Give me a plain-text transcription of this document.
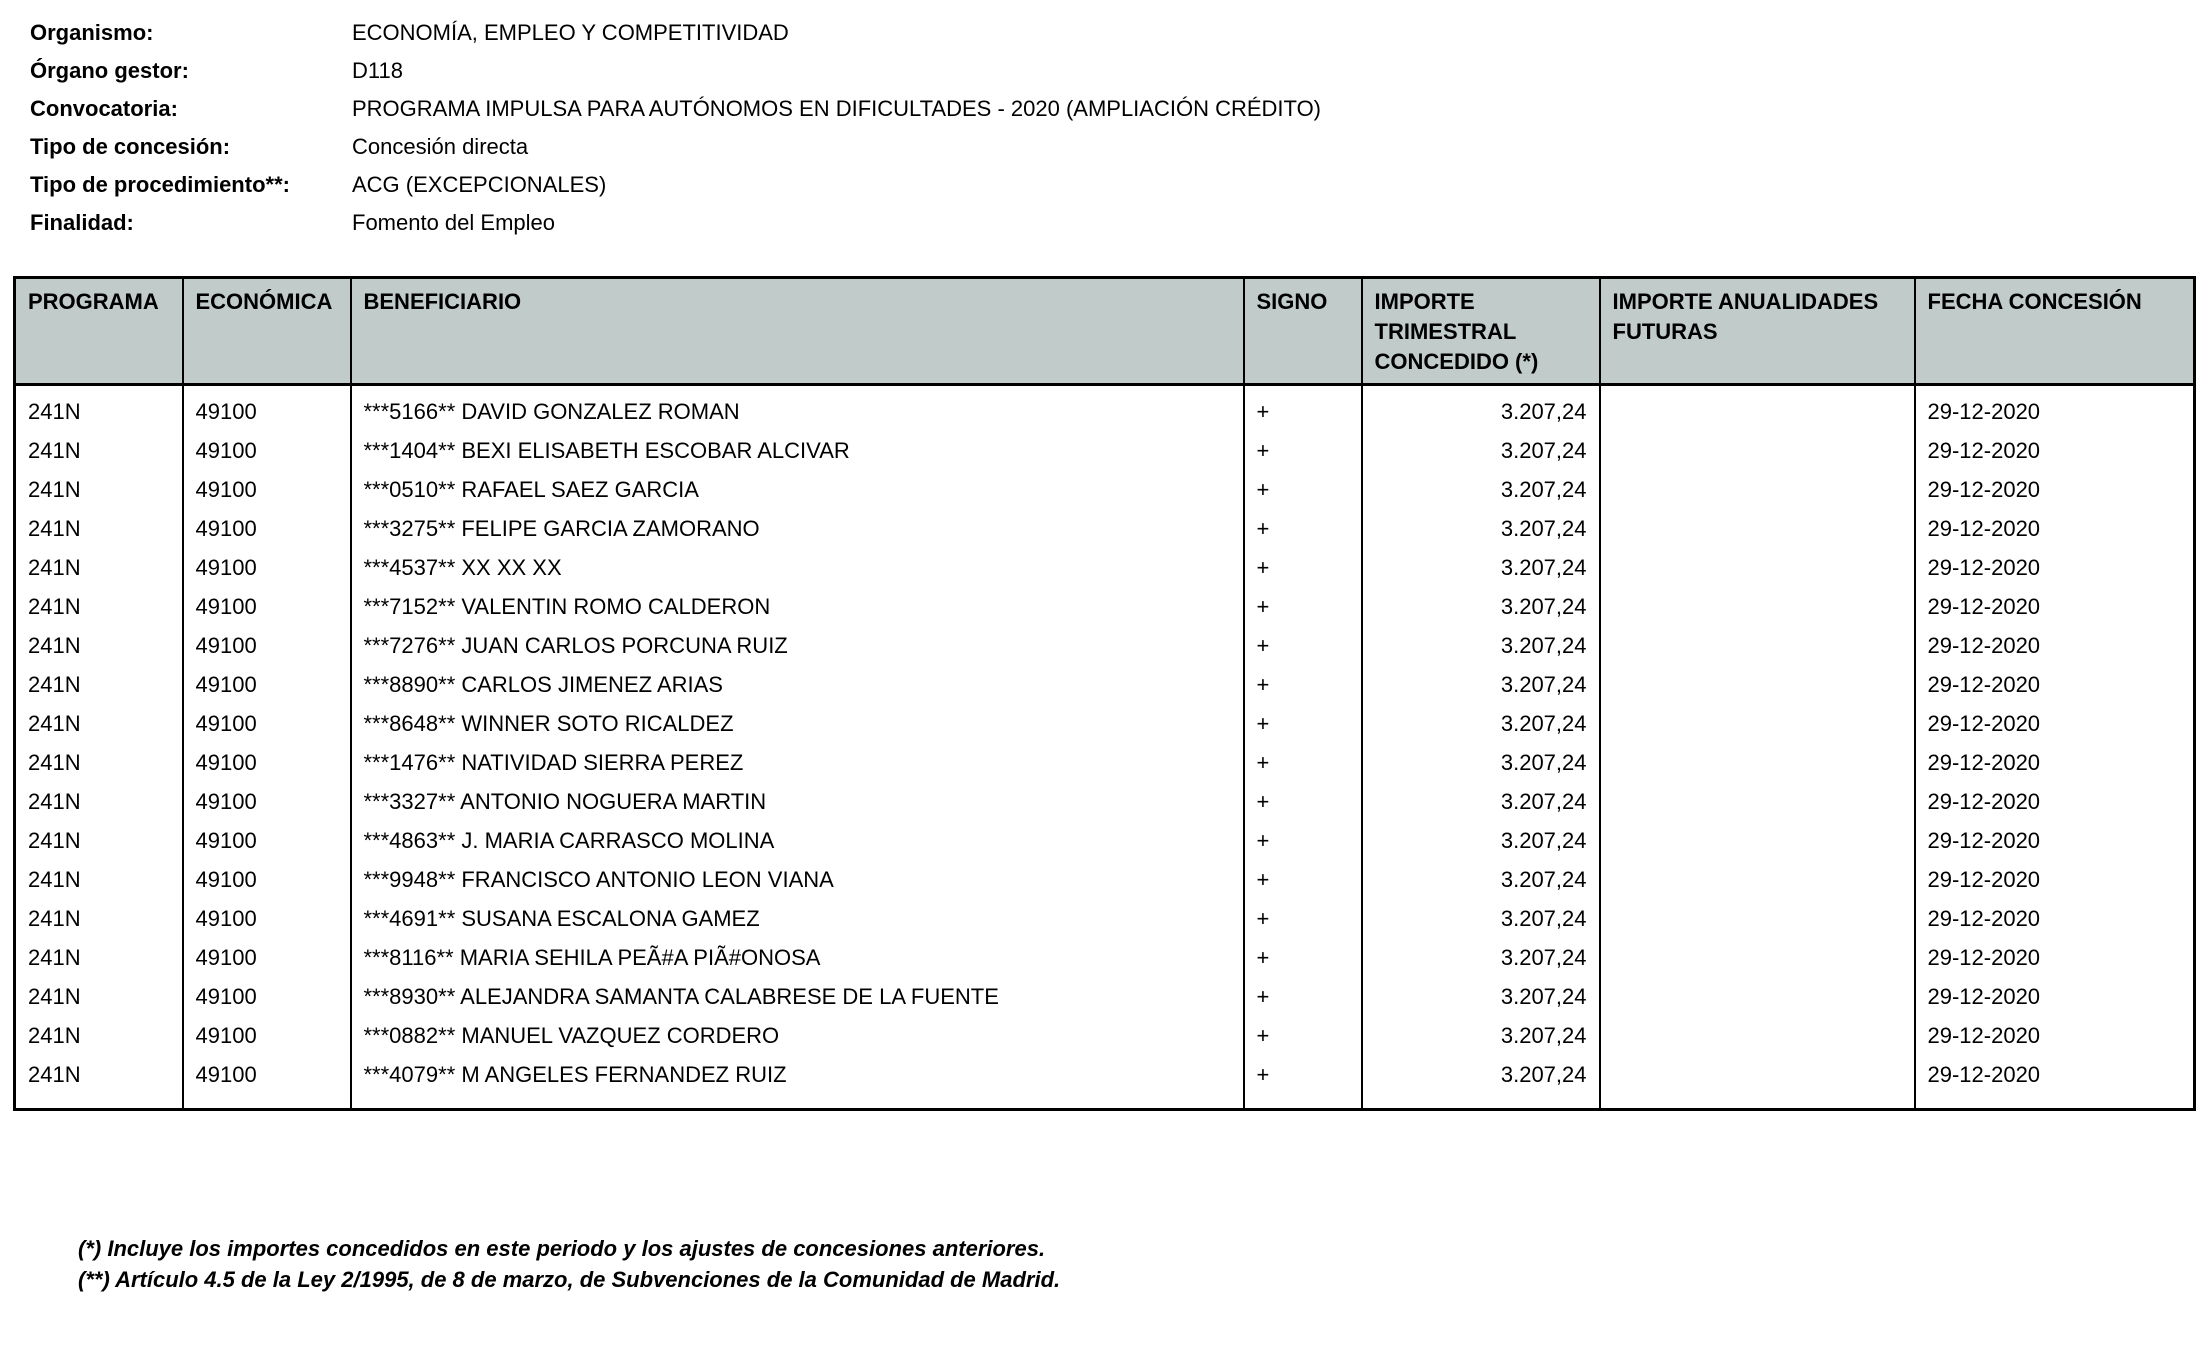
Organismo:	ECONOMÍA, EMPLEO Y COMPETITIVIDAD
Órgano gestor:	D118
Convocatoria:	PROGRAMA IMPULSA PARA AUTÓNOMOS EN DIFICULTADES - 2020 (AMPLIACIÓN CRÉDITO)
Tipo de concesión:	Concesión directa
Tipo de procedimiento**:	ACG (EXCEPCIONALES)
Finalidad:	Fomento del Empleo
PROGRAMA	ECONÓMICA	BENEFICIARIO	SIGNO	IMPORTE TRIMESTRAL CONCEDIDO (*)	IMPORTE ANUALIDADES FUTURAS	FECHA CONCESIÓN
241N	49100	***5166** DAVID GONZALEZ ROMAN	+	3.207,24		29-12-2020
241N	49100	***1404** BEXI ELISABETH ESCOBAR ALCIVAR	+	3.207,24		29-12-2020
241N	49100	***0510** RAFAEL SAEZ GARCIA	+	3.207,24		29-12-2020
241N	49100	***3275** FELIPE GARCIA ZAMORANO	+	3.207,24		29-12-2020
241N	49100	***4537** XX XX XX	+	3.207,24		29-12-2020
241N	49100	***7152** VALENTIN ROMO CALDERON	+	3.207,24		29-12-2020
241N	49100	***7276** JUAN CARLOS PORCUNA RUIZ	+	3.207,24		29-12-2020
241N	49100	***8890** CARLOS JIMENEZ ARIAS	+	3.207,24		29-12-2020
241N	49100	***8648** WINNER SOTO RICALDEZ	+	3.207,24		29-12-2020
241N	49100	***1476** NATIVIDAD SIERRA PEREZ	+	3.207,24		29-12-2020
241N	49100	***3327** ANTONIO NOGUERA MARTIN	+	3.207,24		29-12-2020
241N	49100	***4863** J. MARIA CARRASCO MOLINA	+	3.207,24		29-12-2020
241N	49100	***9948** FRANCISCO ANTONIO LEON VIANA	+	3.207,24		29-12-2020
241N	49100	***4691** SUSANA ESCALONA GAMEZ	+	3.207,24		29-12-2020
241N	49100	***8116** MARIA SEHILA PEÃ#A PIÃ#ONOSA	+	3.207,24		29-12-2020
241N	49100	***8930** ALEJANDRA SAMANTA CALABRESE DE LA FUENTE	+	3.207,24		29-12-2020
241N	49100	***0882** MANUEL VAZQUEZ CORDERO	+	3.207,24		29-12-2020
241N	49100	***4079** M ANGELES FERNANDEZ RUIZ	+	3.207,24		29-12-2020
(*) Incluye los importes concedidos en este periodo y los ajustes de concesiones anteriores.
(**) Artículo 4.5 de la Ley 2/1995, de 8 de marzo, de Subvenciones de la Comunidad de Madrid.
